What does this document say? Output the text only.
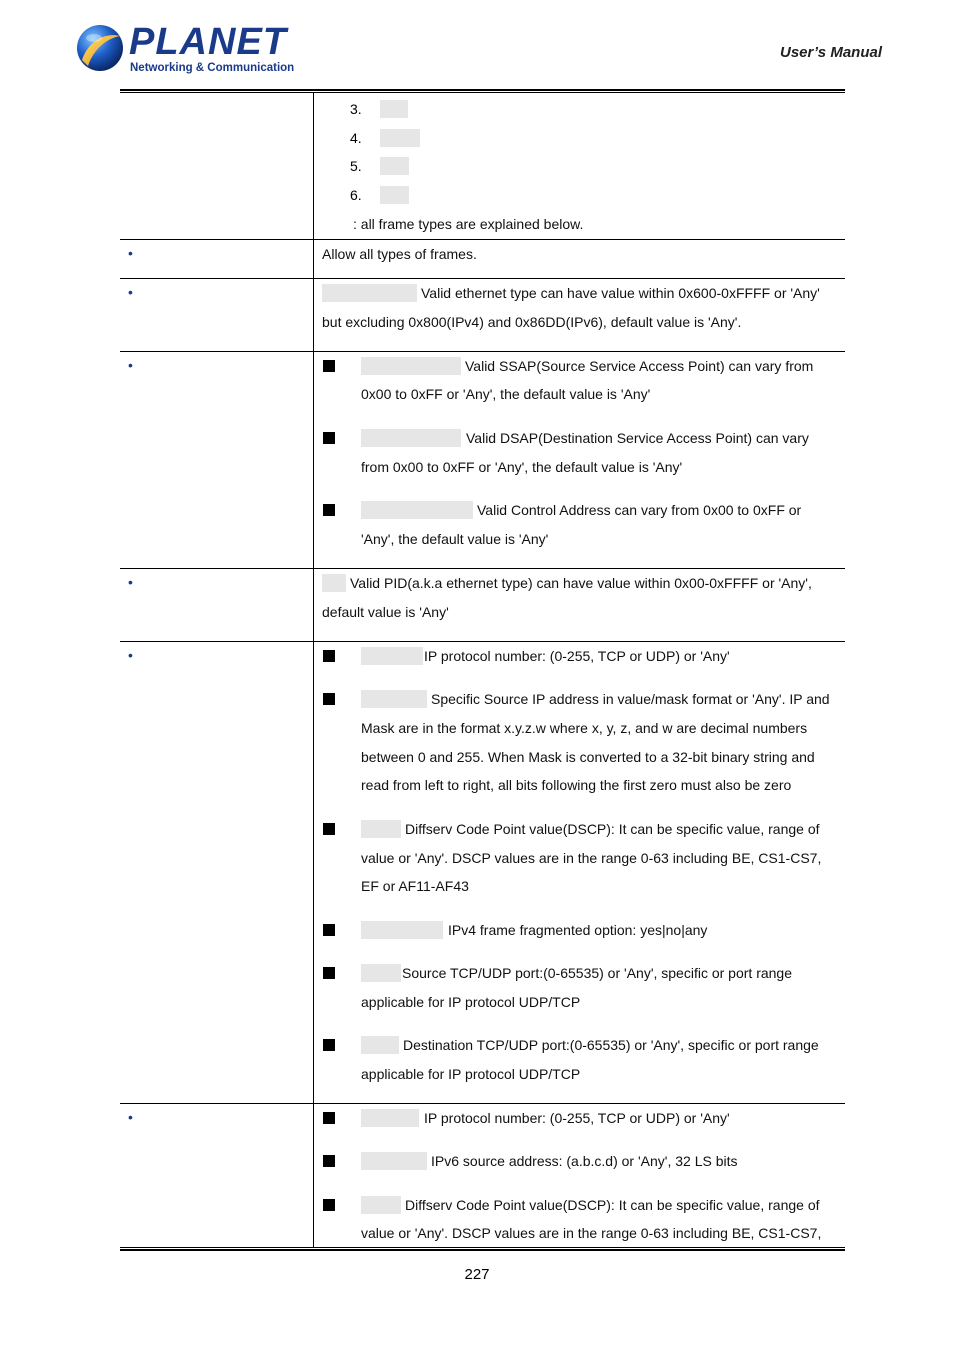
PLANET
Networking & Communication
User’s Manual
3.
4.
5.
6.
: all frame types are explained below.
•	Allow all types of frames.
•	Valid ethernet type can have value within 0x600-0xFFFF or 'Any'
but excluding 0x800(IPv4) and 0x86DD(IPv6), default value is 'Any'.
•	Valid SSAP(Source Service Access Point) can vary from
0x00 to 0xFF or 'Any', the default value is 'Any'
Valid DSAP(Destination Service Access Point) can vary
from 0x00 to 0xFF or 'Any', the default value is 'Any'
Valid Control Address can vary from 0x00 to 0xFF or
'Any', the default value is 'Any'
•	Valid PID(a.k.a ethernet type) can have value within 0x00-0xFFFF or 'Any',
default value is 'Any'
•	IP protocol number: (0-255, TCP or UDP) or 'Any'
Specific Source IP address in value/mask format or 'Any'. IP and
Mask are in the format x.y.z.w where x, y, z, and w are decimal numbers
between 0 and 255. When Mask is converted to a 32-bit binary string and
read from left to right, all bits following the first zero must also be zero
Diffserv Code Point value(DSCP): It can be specific value, range of
value or 'Any'. DSCP values are in the range 0-63 including BE, CS1-CS7,
EF or AF11-AF43
IPv4 frame fragmented option: yes|no|any
Source TCP/UDP port:(0-65535) or 'Any', specific or port range
applicable for IP protocol UDP/TCP
Destination TCP/UDP port:(0-65535) or 'Any', specific or port range
applicable for IP protocol UDP/TCP
•	IP protocol number: (0-255, TCP or UDP) or 'Any'
IPv6 source address: (a.b.c.d) or 'Any', 32 LS bits
Diffserv Code Point value(DSCP): It can be specific value, range of
value or 'Any'. DSCP values are in the range 0-63 including BE, CS1-CS7,
227
